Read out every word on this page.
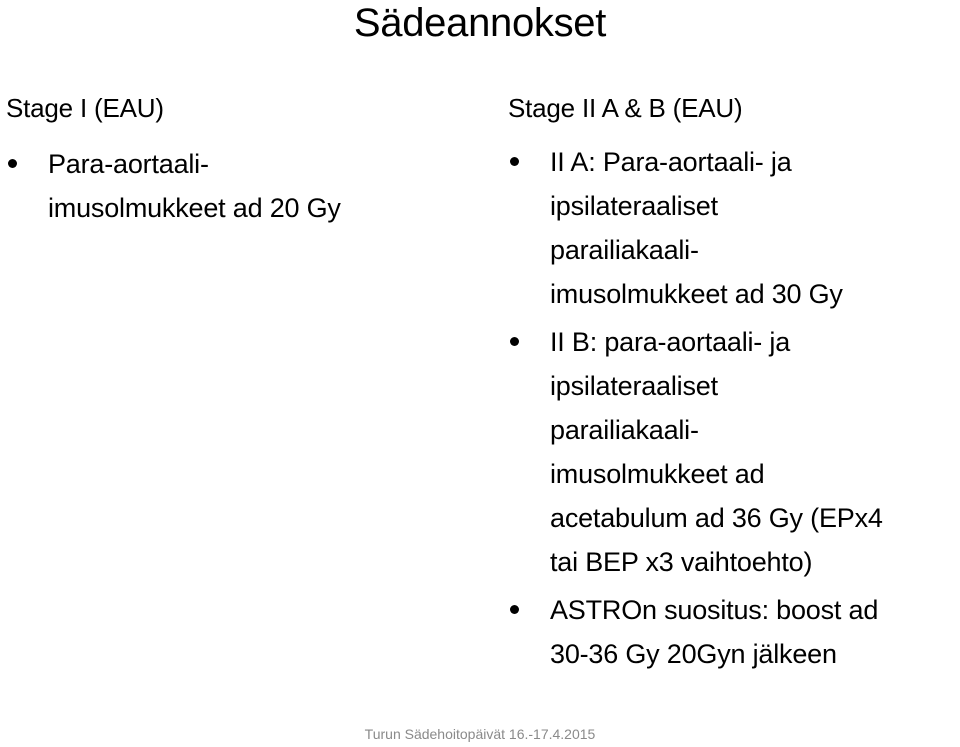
Sädeannokset
Stage I (EAU)
Para-aortaali-
imusolmukkeet ad 20 Gy
Stage II A & B (EAU)
II A: Para-aortaali- ja
ipsilateraaliset
parailiakaali-
imusolmukkeet ad 30 Gy
II B: para-aortaali- ja
ipsilateraaliset
parailiakaali-
imusolmukkeet ad
acetabulum ad 36 Gy (EPx4
tai BEP x3 vaihtoehto)
ASTROn suositus: boost ad
30-36 Gy 20Gyn jälkeen
Turun Sädehoitopäivät 16.-17.4.2015
